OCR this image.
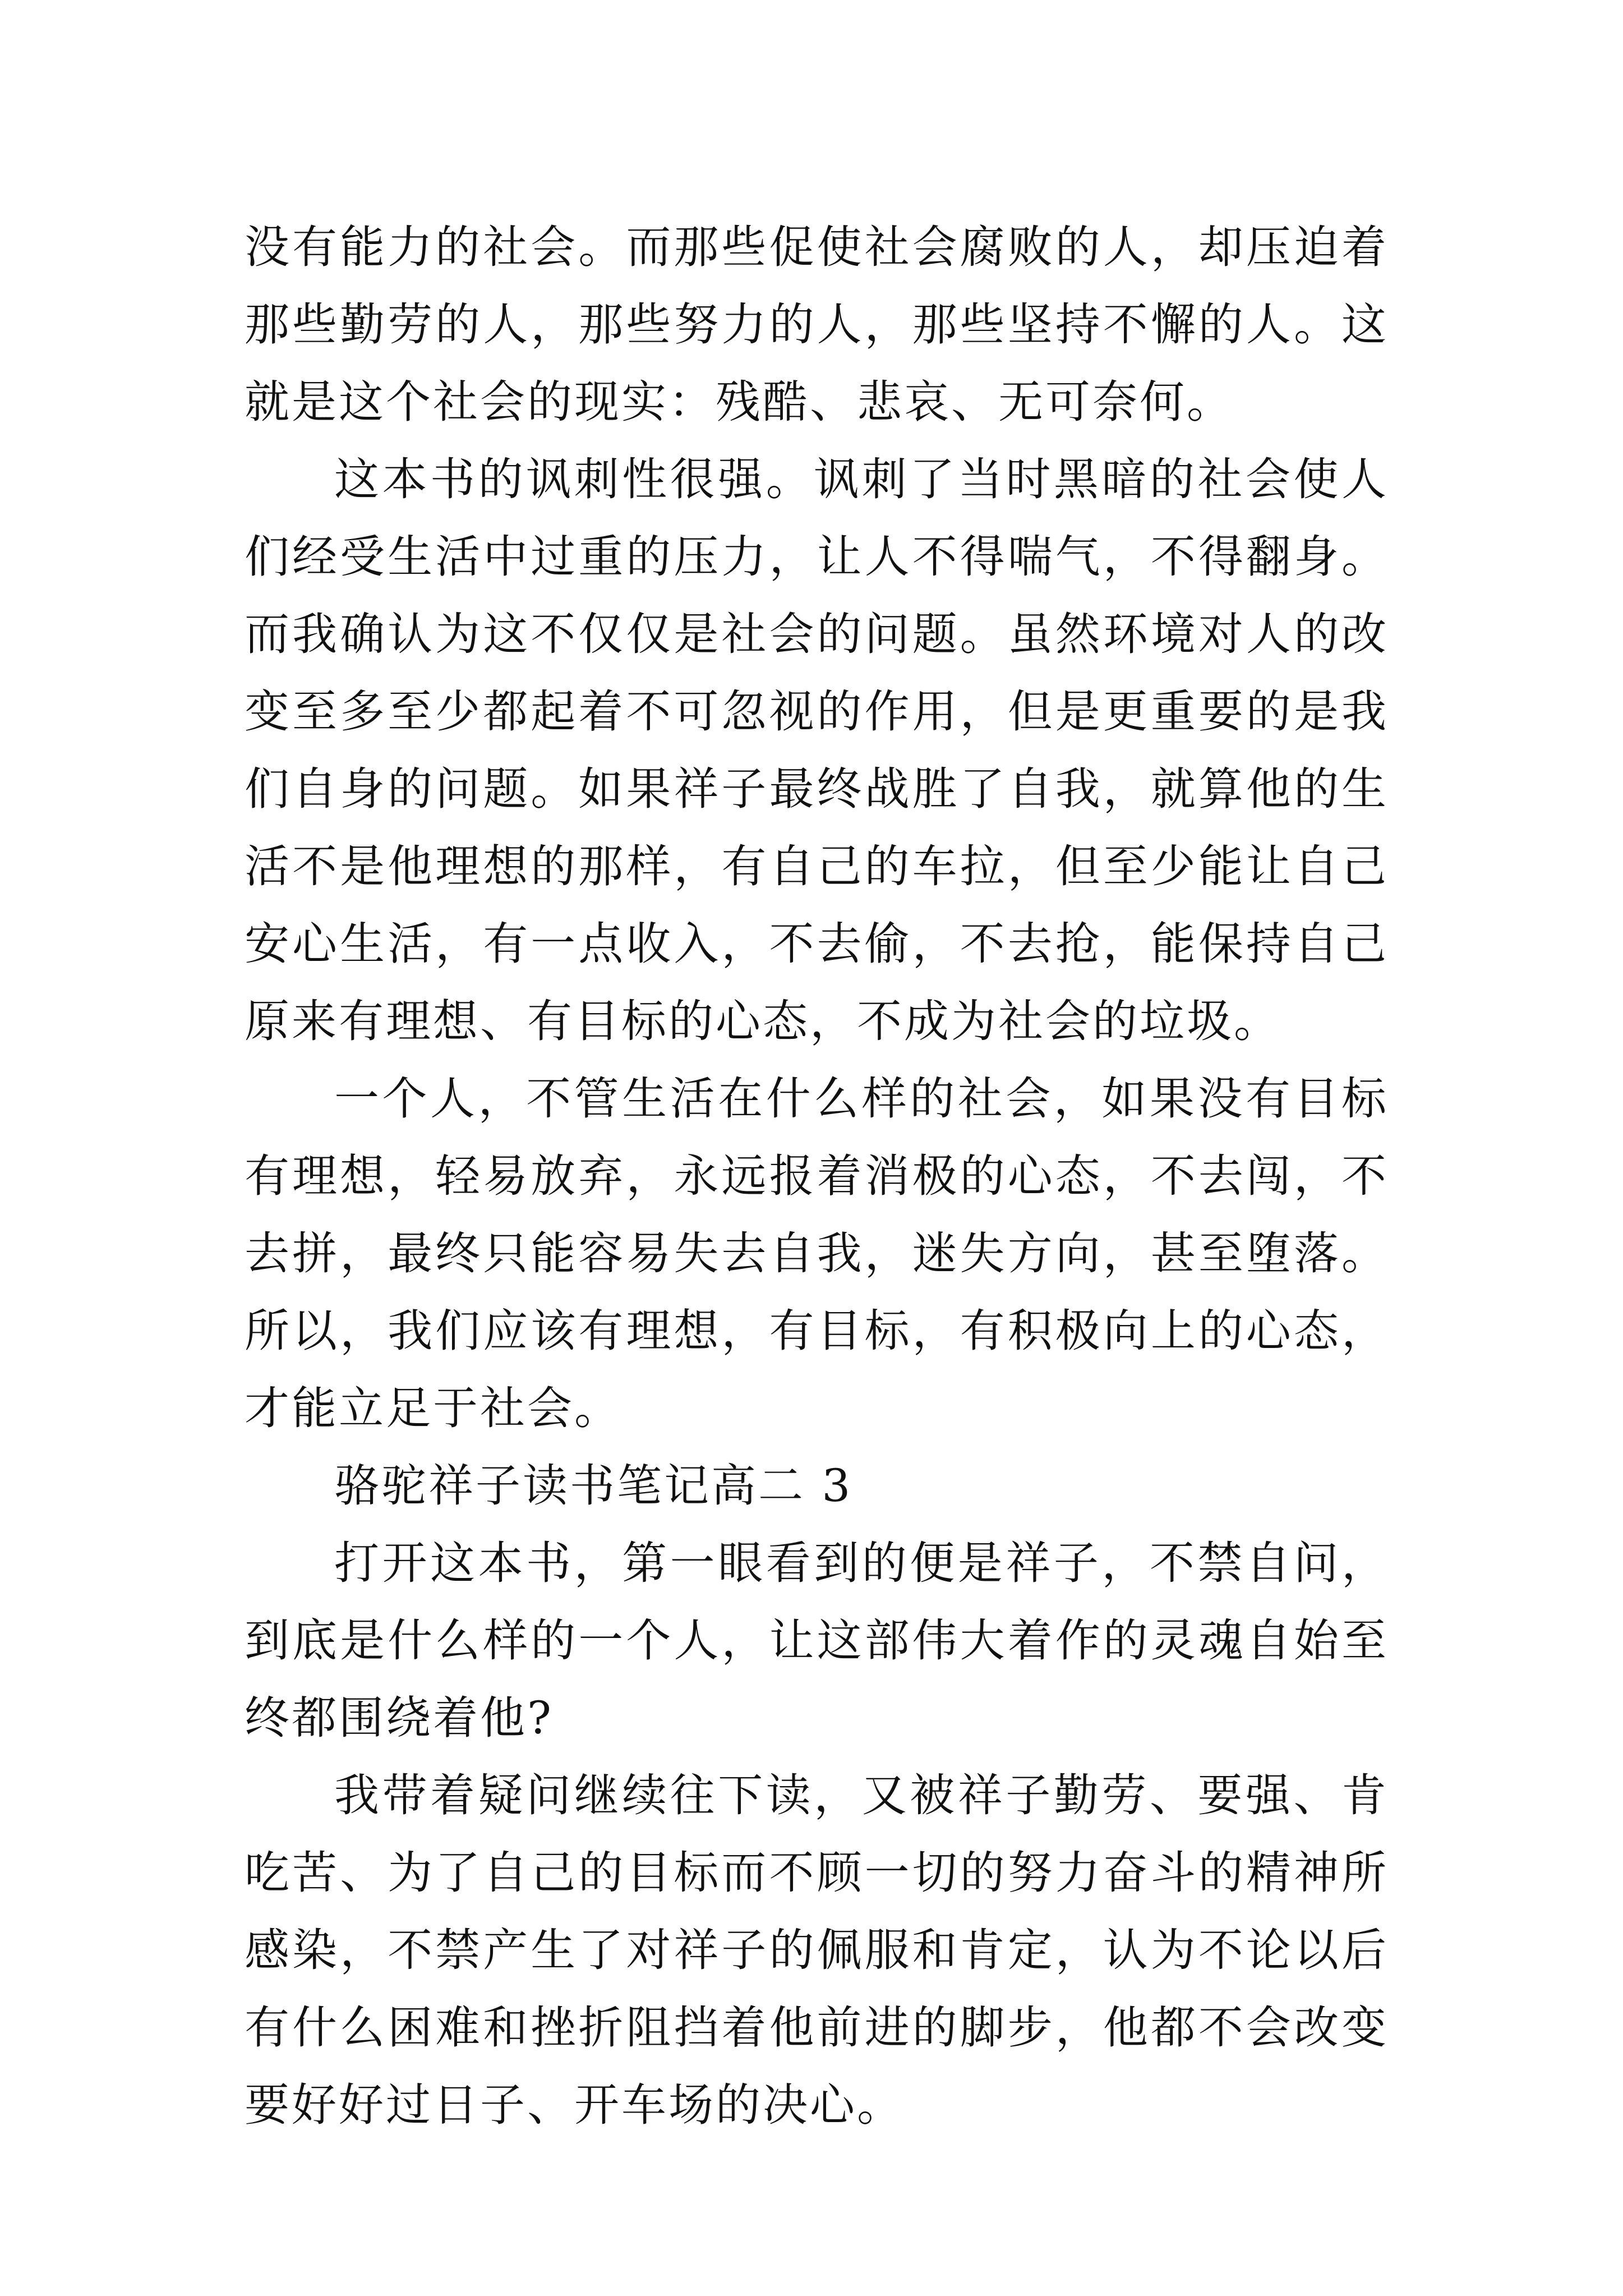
没有能力的社会。而那些促使社会腐败的人，却压迫着那些勤劳的人，那些努力的人，那些坚持不懈的人。这就是这个社会的现实：残酷、悲哀、无可奈何。

这本书的讽刺性很强。讽刺了当时黑暗的社会使人们经受生活中过重的压力，让人不得喘气，不得翻身。而我确认为这不仅仅是社会的问题。虽然环境对人的改变至多至少都起着不可忽视的作用，但是更重要的是我们自身的问题。如果祥子最终战胜了自我，就算他的生活不是他理想的那样，有自己的车拉，但至少能让自己安心生活，有一点收入，不去偷，不去抢，能保持自己原来有理想、有目标的心态，不成为社会的垃圾。

一个人，不管生活在什么样的社会，如果没有目标有理想，轻易放弃，永远报着消极的心态，不去闯，不去拼，最终只能容易失去自我，迷失方向，甚至堕落。所以，我们应该有理想，有目标，有积极向上的心态，才能立足于社会。

骆驼祥子读书笔记高二 3

打开这本书，第一眼看到的便是祥子，不禁自问，到底是什么样的一个人，让这部伟大着作的灵魂自始至终都围绕着他?

我带着疑问继续往下读，又被祥子勤劳、要强、肯吃苦、为了自己的目标而不顾一切的努力奋斗的精神所感染，不禁产生了对祥子的佩服和肯定，认为不论以后有什么困难和挫折阻挡着他前进的脚步，他都不会改变要好好过日子、开车场的决心。
